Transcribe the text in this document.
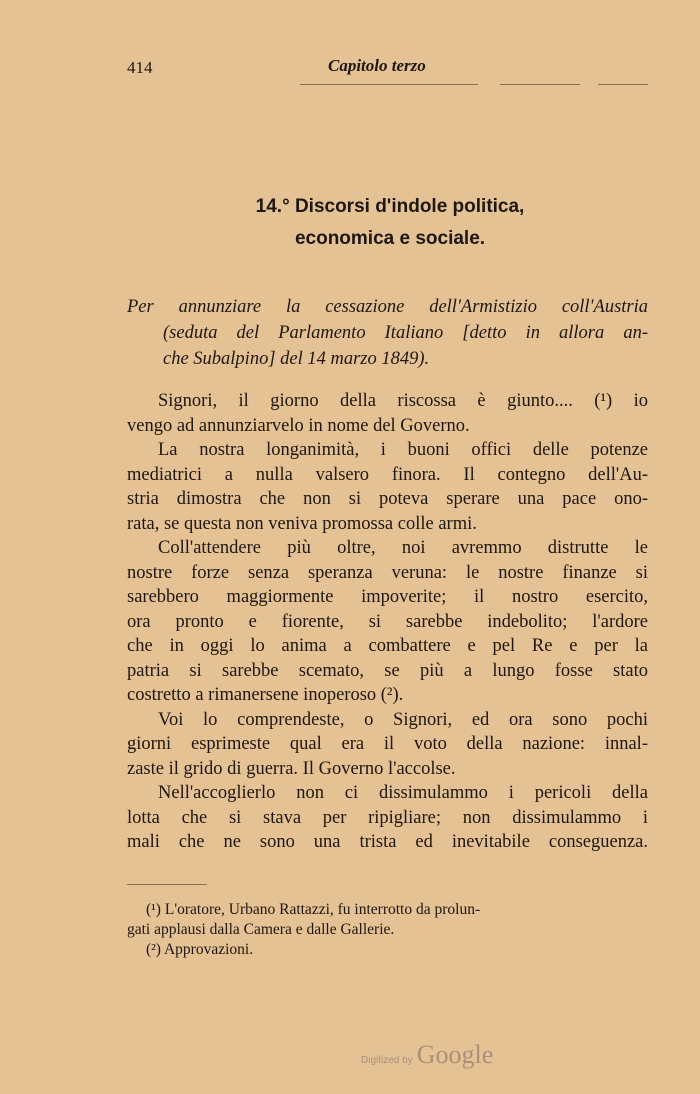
414	Capitolo terzo
14.° Discorsi d'indole politica,
economica e sociale.
Per annunziare la cessazione dell'Armistizio coll'Austria
(seduta del Parlamento Italiano [detto in allora an-
che Subalpino] del 14 marzo 1849).
Signori, il giorno della riscossa è giunto.... (¹) io
vengo ad annunziarvelo in nome del Governo.
La nostra longanimità, i buoni offici delle potenze
mediatrici a nulla valsero finora. Il contegno dell'Au-
stria dimostra che non si poteva sperare una pace ono-
rata, se questa non veniva promossa colle armi.
Coll'attendere più oltre, noi avremmo distrutte le
nostre forze senza speranza veruna: le nostre finanze si
sarebbero maggiormente impoverite; il nostro esercito,
ora pronto e fiorente, si sarebbe indebolito; l'ardore
che in oggi lo anima a combattere e pel Re e per la
patria si sarebbe scemato, se più a lungo fosse stato
costretto a rimanersene inoperoso (²).
Voi lo comprendeste, o Signori, ed ora sono pochi
giorni esprimeste qual era il voto della nazione: innal-
zaste il grido di guerra. Il Governo l'accolse.
Nell'accoglierlo non ci dissimulammo i pericoli della
lotta che si stava per ripigliare; non dissimulammo i
mali che ne sono una trista ed inevitabile conseguenza.
(¹) L'oratore, Urbano Rattazzi, fu interrotto da prolun-
gati applausi dalla Camera e dalle Gallerie.
(²) Approvazioni.
Digitized by Google
